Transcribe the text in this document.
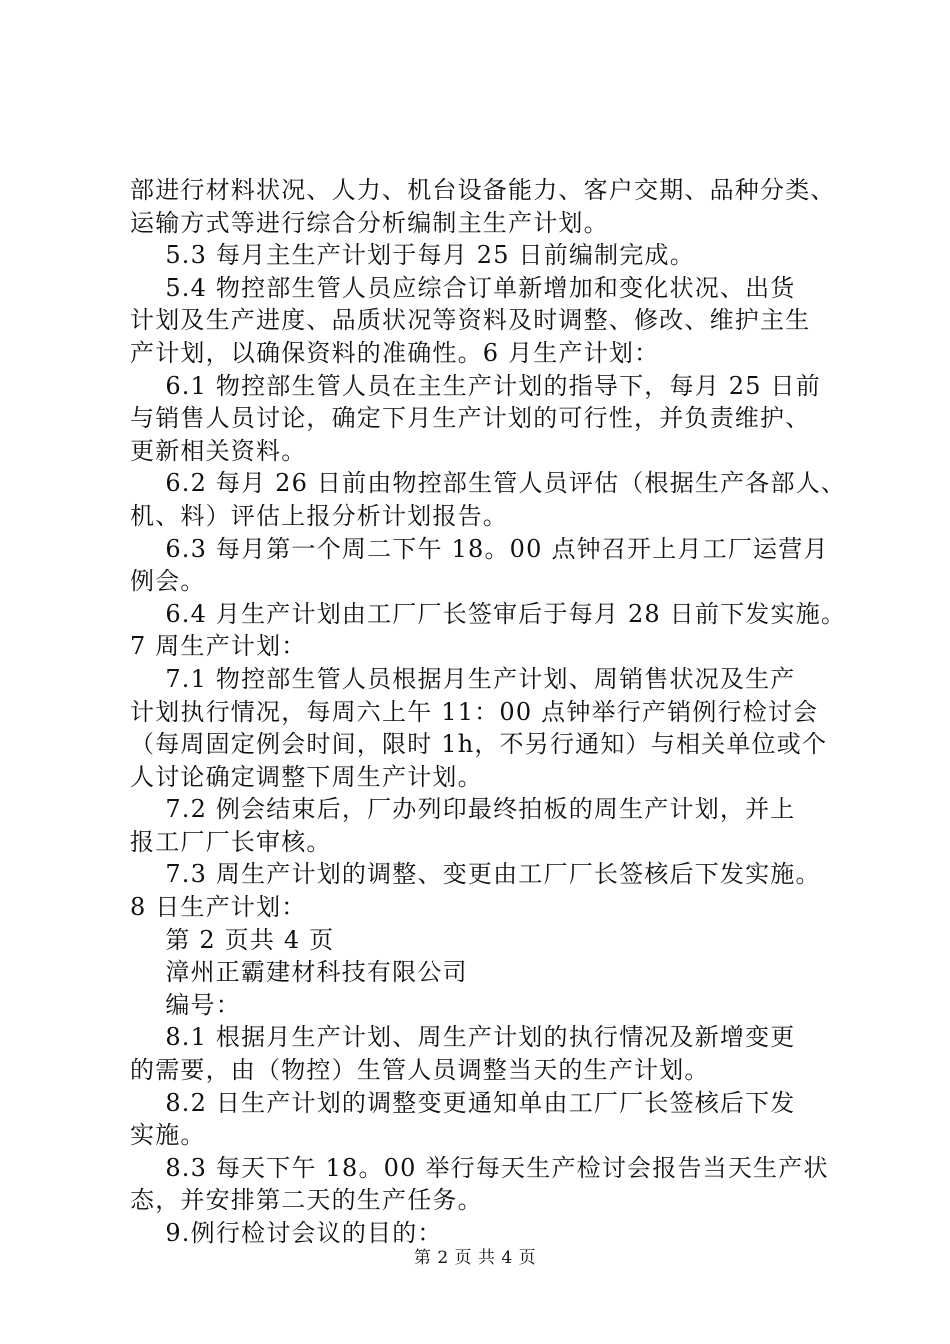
部进行材料状况、人力、机台设备能力、客户交期、品种分类、
运输方式等进行综合分析编制主生产计划。
5.3 每月主生产计划于每月 25 日前编制完成。
5.4 物控部生管人员应综合订单新增加和变化状况、出货
计划及生产进度、品质状况等资料及时调整、修改、维护主生
产计划，以确保资料的准确性。6 月生产计划：
6.1 物控部生管人员在主生产计划的指导下，每月 25 日前
与销售人员讨论，确定下月生产计划的可行性，并负责维护、
更新相关资料。
6.2 每月 26 日前由物控部生管人员评估（根据生产各部人、
机、料）评估上报分析计划报告。
6.3 每月第一个周二下午 18。00 点钟召开上月工厂运营月
例会。
6.4 月生产计划由工厂厂长签审后于每月 28 日前下发实施。
7 周生产计划：
7.1 物控部生管人员根据月生产计划、周销售状况及生产
计划执行情况，每周六上午 11：00 点钟举行产销例行检讨会
（每周固定例会时间，限时 1h，不另行通知）与相关单位或个
人讨论确定调整下周生产计划。
7.2 例会结束后，厂办列印最终拍板的周生产计划，并上
报工厂厂长审核。
7.3 周生产计划的调整、变更由工厂厂长签核后下发实施。
8 日生产计划：
第 2 页共 4 页
漳州正霸建材科技有限公司
编号：
8.1 根据月生产计划、周生产计划的执行情况及新增变更
的需要，由（物控）生管人员调整当天的生产计划。
8.2 日生产计划的调整变更通知单由工厂厂长签核后下发
实施。
8.3 每天下午 18。00 举行每天生产检讨会报告当天生产状
态，并安排第二天的生产任务。
9.例行检讨会议的目的：
第 2 页 共 4 页
